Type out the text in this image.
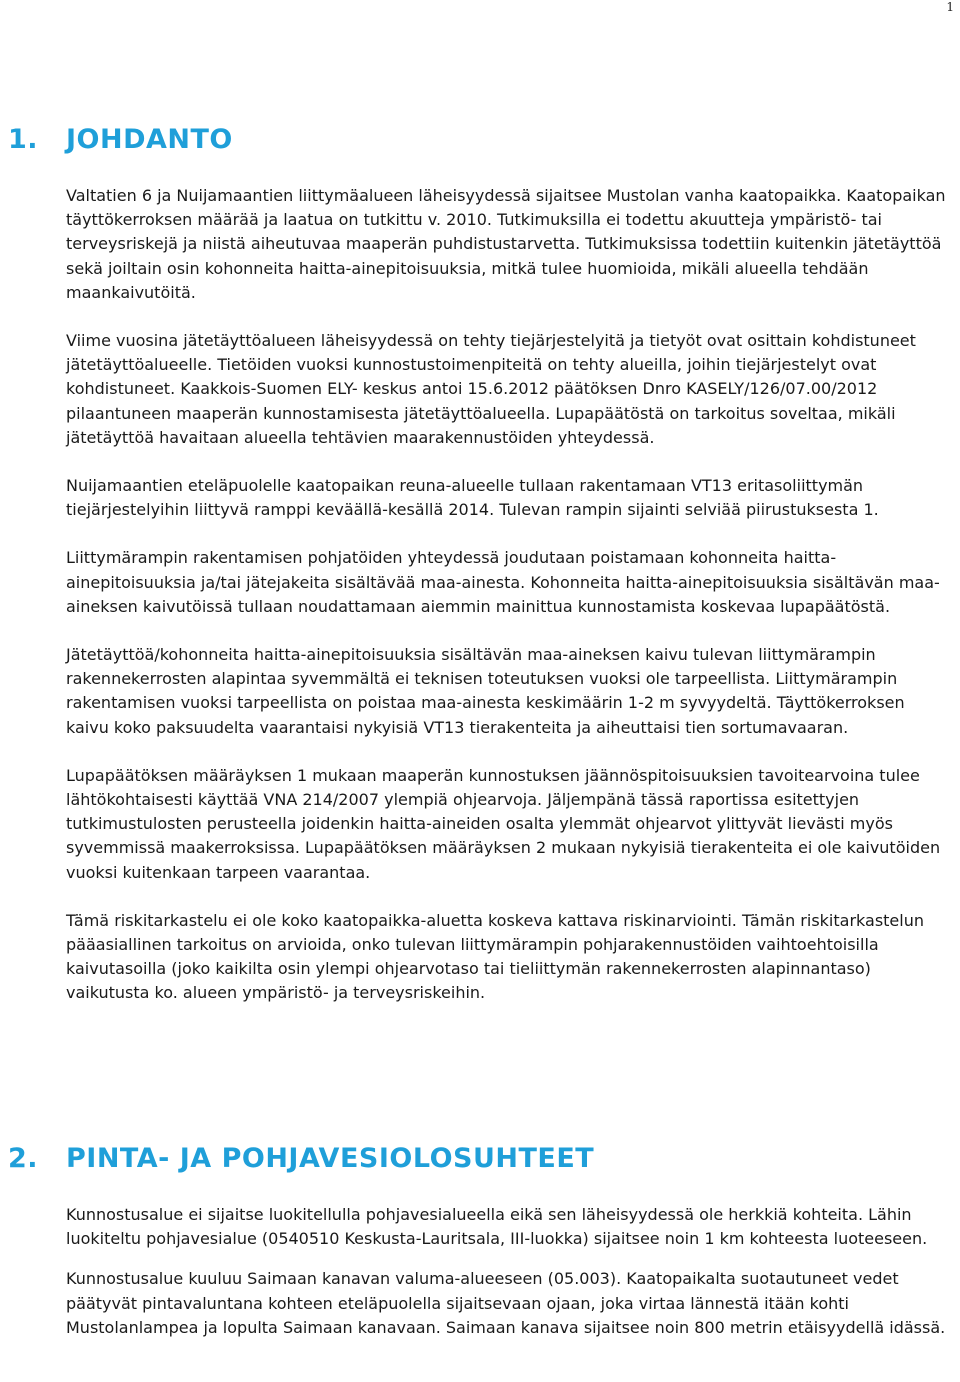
1
1. JOHDANTO

Valtatien 6 ja Nuijamaantien liittymäalueen läheisyydessä sijaitsee Mustolan vanha kaatopaikka. Kaatopaikan täyttökerroksen määrää ja laatua on tutkittu v. 2010. Tutkimuksilla ei todettu akuutteja ympäristö- tai terveysriskejä ja niistä aiheutuvaa maaperän puhdistustarvetta. Tutkimuksissa todettiin kuitenkin jätetäyttöä sekä joiltain osin kohonneita haitta-ainepitoisuuksia, mitkä tulee huomioida, mikäli alueella tehdään maankaivutöitä.

Viime vuosina jätetäyttöalueen läheisyydessä on tehty tiejärjestelyitä ja tietyöt ovat osittain kohdistuneet jätetäyttöalueelle. Tietöiden vuoksi kunnostustoimenpiteitä on tehty alueilla, joihin tiejärjestelyt ovat kohdistuneet. Kaakkois-Suomen ELY- keskus antoi 15.6.2012 päätöksen Dnro KASELY/126/07.00/2012 pilaantuneen maaperän kunnostamisesta jätetäyttöalueella. Lupapäätöstä on tarkoitus soveltaa, mikäli jätetäyttöä havaitaan alueella tehtävien maarakennustöiden yhteydessä.

Nuijamaantien eteläpuolelle kaatopaikan reuna-alueelle tullaan rakentamaan VT13 eritasoliittymän tiejärjestelyihin liittyvä ramppi keväällä-kesällä 2014. Tulevan rampin sijainti selviää piirustuksesta 1.

Liittymärampin rakentamisen pohjatöiden yhteydessä joudutaan poistamaan kohonneita haitta-ainepitoisuuksia ja/tai jätejakeita sisältävää maa-ainesta. Kohonneita haitta-ainepitoisuuksia sisältävän maa-aineksen kaivutöissä tullaan noudattamaan aiemmin mainittua kunnostamista koskevaa lupapäätöstä.

Jätetäyttöä/kohonneita haitta-ainepitoisuuksia sisältävän maa-aineksen kaivu tulevan liittymärampin rakennekerrosten alapintaa syvemmältä ei teknisen toteutuksen vuoksi ole tarpeellista. Liittymärampin rakentamisen vuoksi tarpeellista on poistaa maa-ainesta keskimäärin 1-2 m syvyydeltä. Täyttökerroksen kaivu koko paksuudelta vaarantaisi nykyisiä VT13 tierakenteita ja aiheuttaisi tien sortumavaaran.

Lupapäätöksen määräyksen 1 mukaan maaperän kunnostuksen jäännöspitoisuuksien tavoitearvoina tulee lähtökohtaisesti käyttää VNA 214/2007 ylempiä ohjearvoja. Jäljempänä tässä raportissa esitettyjen tutkimustulosten perusteella joidenkin haitta-aineiden osalta ylemmät ohjearvot ylittyvät lievästi myös syvemmissä maakerroksissa. Lupapäätöksen määräyksen 2 mukaan nykyisiä tierakenteita ei ole kaivutöiden vuoksi kuitenkaan tarpeen vaarantaa.

Tämä riskitarkastelu ei ole koko kaatopaikka-aluetta koskeva kattava riskinarviointi. Tämän riskitarkastelun pääasiallinen tarkoitus on arvioida, onko tulevan liittymärampin pohjarakennustöiden vaihtoehtoisilla kaivutasoilla (joko kaikilta osin ylempi ohjearvotaso tai tieliittymän rakennekerrosten alapinnantaso) vaikutusta ko. alueen ympäristö- ja terveysriskeihin.

2. PINTA- JA POHJAVESIOLOSUHTEET

Kunnostusalue ei sijaitse luokitellulla pohjavesialueella eikä sen läheisyydessä ole herkkiä kohteita. Lähin luokiteltu pohjavesialue (0540510 Keskusta-Lauritsala, III-luokka) sijaitsee noin 1 km kohteesta luoteeseen.

Kunnostusalue kuuluu Saimaan kanavan valuma-alueeseen (05.003). Kaatopaikalta suotautuneet vedet päätyvät pintavaluntana kohteen eteläpuolella sijaitsevaan ojaan, joka virtaa lännestä itään kohti Mustolanlampea ja lopulta Saimaan kanavaan. Saimaan kanava sijaitsee noin 800 metrin etäisyydellä idässä.
